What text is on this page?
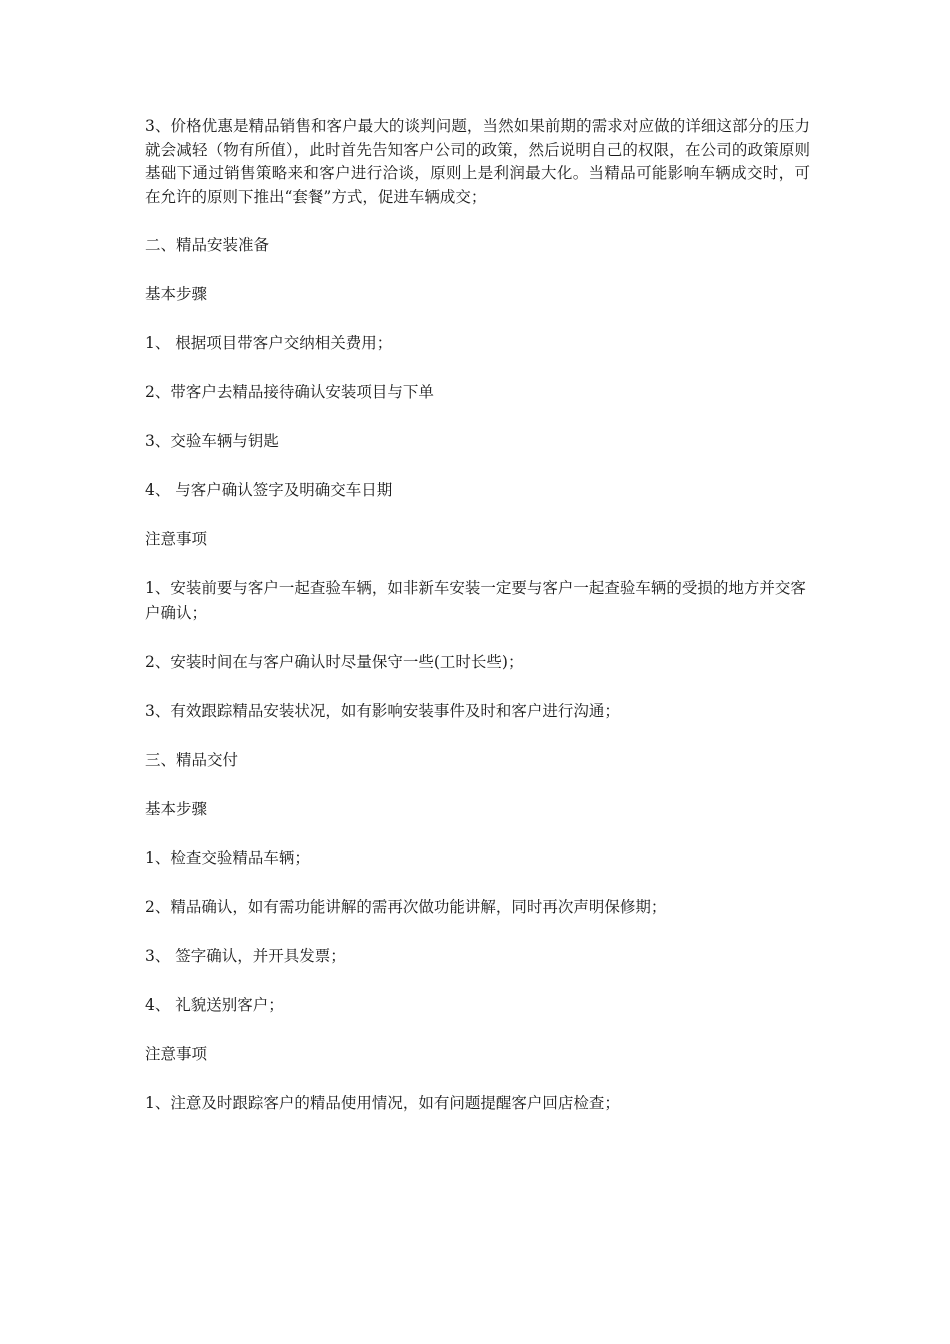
3、价格优惠是精品销售和客户最大的谈判问题，当然如果前期的需求对应做的详细这部分的压力就会减轻（物有所值），此时首先告知客户公司的政策，然后说明自己的权限，在公司的政策原则基础下通过销售策略来和客户进行洽谈，原则上是利润最大化。当精品可能影响车辆成交时，可在允许的原则下推出“套餐”方式，促进车辆成交；

二、精品安装准备

基本步骤

1、 根据项目带客户交纳相关费用；

2、带客户去精品接待确认安装项目与下单

3、交验车辆与钥匙

4、 与客户确认签字及明确交车日期

注意事项

1、安装前要与客户一起查验车辆，如非新车安装一定要与客户一起查验车辆的受损的地方并交客户确认；

2、安装时间在与客户确认时尽量保守一些(工时长些)；

3、有效跟踪精品安装状况，如有影响安装事件及时和客户进行沟通；

三、精品交付

基本步骤

1、检查交验精品车辆；

2、精品确认，如有需功能讲解的需再次做功能讲解，同时再次声明保修期；

3、 签字确认，并开具发票；

4、 礼貌送别客户；

注意事项

1、注意及时跟踪客户的精品使用情况，如有问题提醒客户回店检查；
